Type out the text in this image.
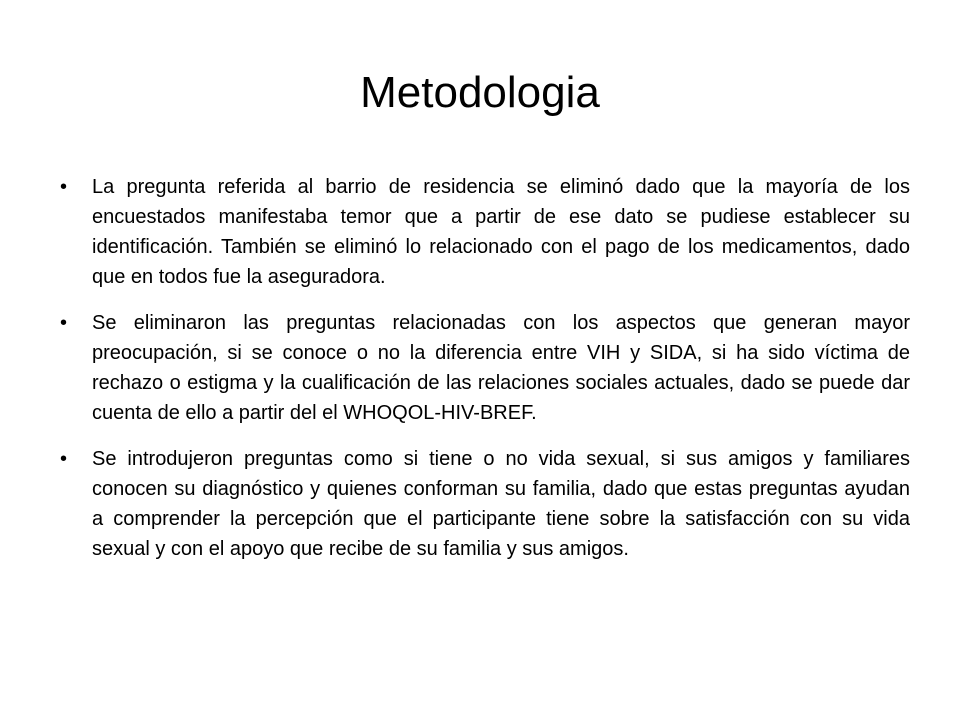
Metodologia
• La pregunta referida al barrio de residencia se eliminó dado que la mayoría de los encuestados manifestaba temor que a partir de ese dato se pudiese establecer su identificación. También se eliminó lo relacionado con el pago de los medicamentos, dado que en todos fue la aseguradora.
• Se eliminaron las preguntas relacionadas con los aspectos que generan mayor preocupación, si se conoce o no la diferencia entre VIH y SIDA, si ha sido víctima de rechazo o estigma y la cualificación de las relaciones sociales actuales, dado se puede dar cuenta de ello a partir del el WHOQOL-HIV-BREF.
• Se introdujeron preguntas como si tiene o no vida sexual, si sus amigos y familiares conocen su diagnóstico y quienes conforman su familia, dado que estas preguntas ayudan a comprender la percepción que el participante tiene sobre la satisfacción con su vida sexual y con el apoyo que recibe de su familia y sus amigos.
